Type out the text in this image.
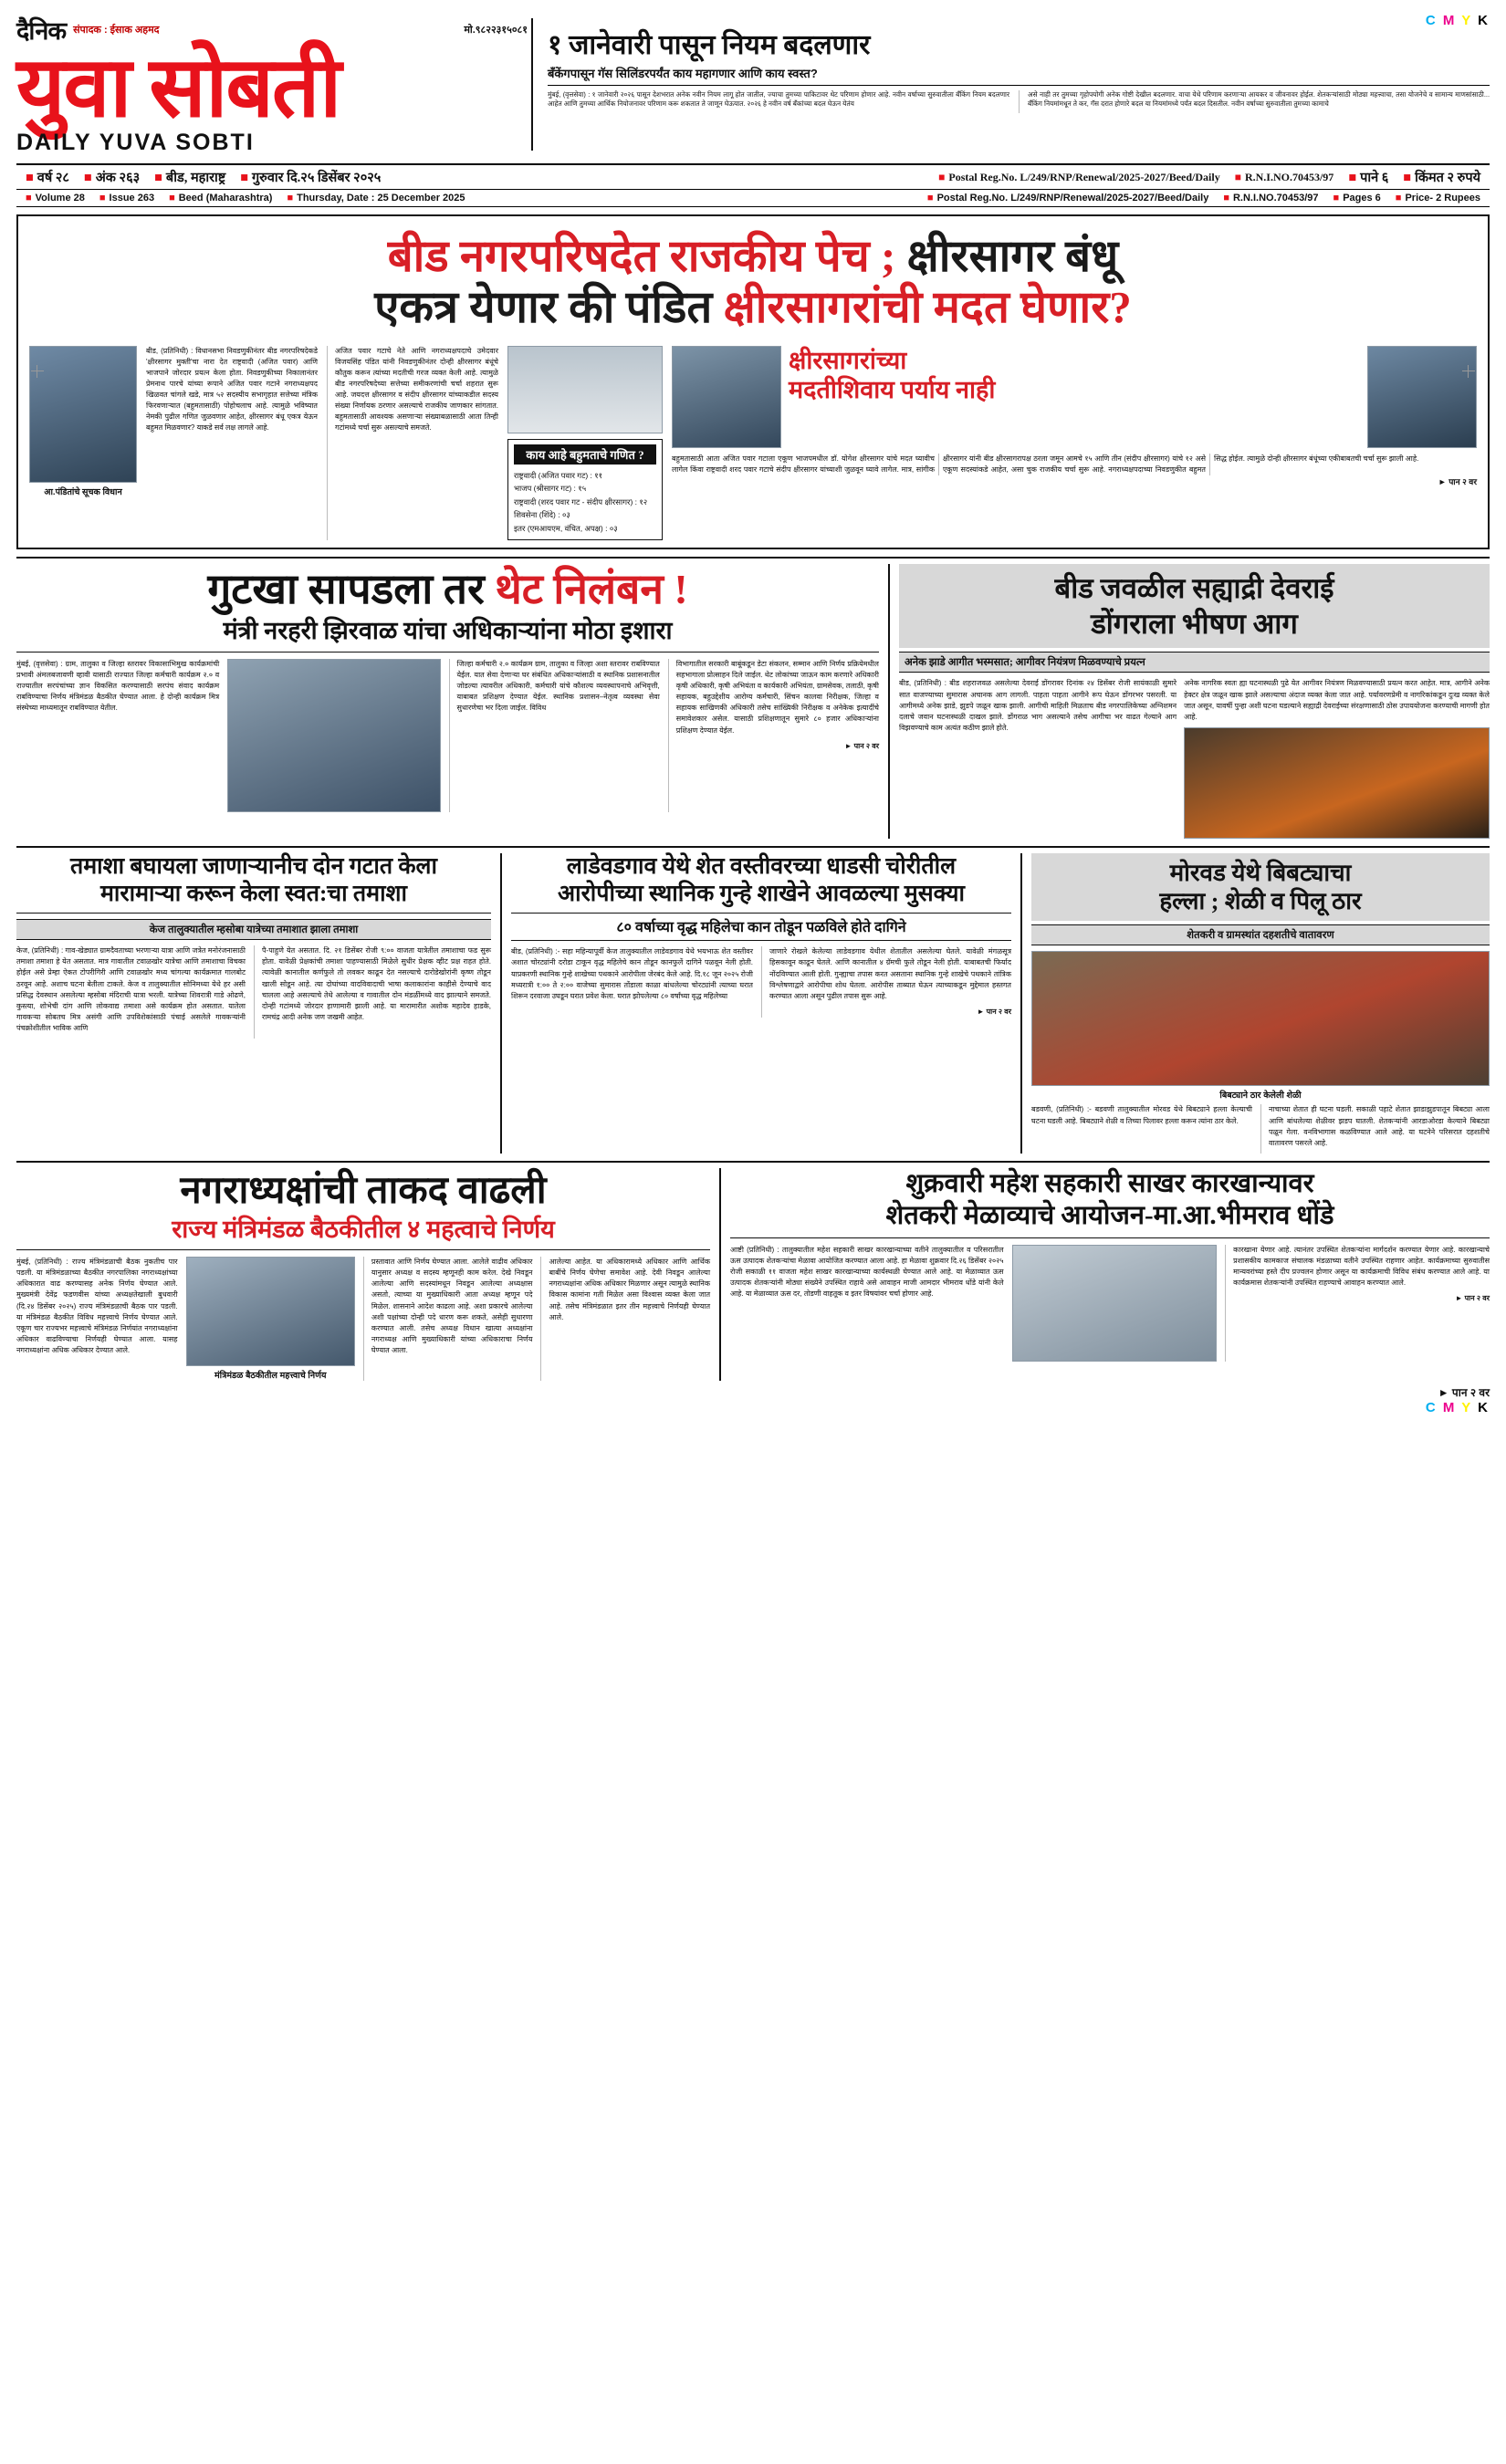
दैनिक संपादक : ईसाक अहमद	मो.९८२२३१५०८१
युवा सोबती
DAILY YUVA SOBTI
C M Y K
१ जानेवारी पासून नियम बदलणार
बँकेंगपासून गॅस सिलिंडरपर्यंत काय महागणार आणि काय स्वस्त?

मुंबई, (वृत्तसेवा) : १ जानेवारी २०२६ पासून देशभरात अनेक नवीन नियम लागू होत जातील, ज्याचा तुमच्या पाकिटावर थेट परिणाम होणार आहे. नवीन वर्षाच्या सुरुवातीला बँकिंग नियम बदलणार आहेत आणि तुमच्या आर्थिक नियोजनावर परिणाम करू शकतात ते जाणून घेऊयात. २०२६ हे नवीन वर्ष बँकांच्या बदल घेऊन येतंय

असे नाही तर तुमच्या गृहोपयोगी अनेक गोष्टी देखील बदलणार. वाचा येथे परिणाम करणाऱ्या आयकर व जीवनावर होईल. शेतकऱ्यांसाठी मोठ्या महत्त्वाचा, तसा योजनेचे व सामान्य माणसांसाठी... बँकिंग नियमांमधून ते कर, गॅस दरात होणारे बदल या नियमांमध्ये पर्यंत बदल दिसतील. नवीन वर्षाच्या सुरुवातीला तुमच्या कामाचे

■ वर्ष २८	■ अंक २६३	■ बीड, महाराष्ट्र	■ गुरुवार दि.२५ डिसेंबर २०२५	■ Postal Reg.No. L/249/RNP/Renewal/2025-2027/Beed/Daily	■ R.N.I.NO.70453/97	■ पाने ६	■ किंमत २ रुपये
■ Volume 28	■ Issue 263	■ Beed (Maharashtra)	■ Thursday, Date : 25 December 2025	■ Postal Reg.No. L/249/RNP/Renewal/2025-2027/Beed/Daily	■ R.N.I.NO.70453/97	■ Pages 6	■ Price- 2 Rupees
बीड नगरपरिषदेत राजकीय पेच ; क्षीरसागर बंधू
एकत्र येणार की पंडित क्षीरसागरांची मदत घेणार?
आ.पंडितांचे सूचक विधान

बीड, (प्रतिनिधी) : विधानसभा निवडणुकीनंतर बीड नगरपरिषदेकडे 'क्षीरसागर मुक्ती'चा नारा देत राष्ट्रवादी (अजित पवार) आणि भाजपाने जोरदार प्रयत्न केला होता. निवडणुकीच्या निकालानंतर प्रेमनाथ पारचे यांच्या रूपाने अजित पवार गटाने नगराध्यक्षपद खिळवत चांगले खडे, मात्र ५२ सदस्यीय सभागृहात सत्तेच्या मंत्रिक फिरवणाऱ्यात (बहुमतासाठी) पोहोचलाच आहे. त्यामुळे भविष्यात नेमकी पुढील गणित जुळवणार आहेत, क्षीरसागर बंधू एकत्र येऊन बहुमत मिळवणार? याकडे सर्व लक्ष लागले आहे.

अजित पवार गटाचे नेते आणि नगराध्यक्षपदाचे उमेदवार विजयसिंह पंडित यांनी निवडणुकीनंतर दोन्ही क्षीरसागर बंधूंचे कौतुक करून त्यांच्या मदतीची गरज व्यक्त केली आहे. त्यामुळे बीड नगरपरिषदेच्या सत्तेच्या समीकरणांची चर्चा शहरात सुरू आहे. जयदत्त क्षीरसागर व संदीप क्षीरसागर यांच्याकडील सदस्य संख्या निर्णायक ठरणार असल्याचे राजकीय जाणकार सांगतात. बहुमतासाठी आवश्यक असणाऱ्या संख्याबळासाठी आता तिन्ही गटांमध्ये चर्चा सुरू असल्याचे समजते.

काय आहे बहुमताचे गणित ?
राष्ट्रवादी (अजित पवार गट) : ११
भाजप (श्रीसागर गट) : १५
राष्ट्रवादी (शरद पवार गट - संदीप क्षीरसागर) : १२
शिवसेना (शिंदे) : ०३
इतर (एमआयएम, वंचित, अपक्ष) : ०३
क्षीरसागरांच्या
मदतीशिवाय पर्याय नाही

बहुमतासाठी आता अजित पवार गटाला एकूण भाजपमधील डॉ. योगेश क्षीरसागर यांचे मदत घ्यावीच लागेल किंवा राष्ट्रवादी शरद पवार गटाचे संदीप क्षीरसागर यांच्याशी जुळवून घ्यावे लागेल. मात्र, सांगीक क्षीरसागर यांनी बीड क्षीरसागरापक्ष ठरला जमून आमचे १५ आणि तीन (संदीप क्षीरसागर) यांचे १२ असे एकूण सदस्यांकडे आहेत, असा चुक राजकीय चर्चा सुरू आहे. नगराध्यक्षपदाच्या निवडणुकीत बहुमत सिद्ध होईल. त्यामुळे दोन्ही क्षीरसागर बंधूंच्या एकीबाबतची चर्चा सुरू झाली आहे.

► पान २ वर
गुटखा सापडला तर थेट निलंबन !
मंत्री नरहरी झिरवाळ यांचा अधिकाऱ्यांना मोठा इशारा

मुंबई, (वृत्तसेवा) : ग्राम, तालुका व जिल्हा स्तरावर विकासाभिमुख कार्यक्रमांची प्रभावी अंमलबजावणी व्हावी यासाठी राज्यात जिल्हा कर्मचारी कार्यक्रम २.० व राज्यातील सरपंचांच्या ज्ञान विकसित करण्यासाठी सरपंच संवाद कार्यक्रम राबविण्याचा निर्णय मंत्रिमंडळ बैठकीत घेण्यात आला. हे दोन्ही कार्यक्रम मित्र संस्थेच्या माध्यमातून राबविण्यात येतील.

जिल्हा कर्मचारी २.० कार्यक्रम ग्राम, तालुका व जिल्हा अशा स्तरावर राबविण्यात येईल. यात सेवा देणाऱ्या घर संबंधित अधिकाऱ्यांसाठी व स्थानिक प्रशासनातील जोडल्या त्यावरील अधिकारी, कर्मचारी यांचे कौशल्य व्यवस्थापनाचे अभिवृत्ती, याबाबत प्रशिक्षण देण्यात येईल. स्थानिक प्रशासन–नेतृत्व व्यवस्था सेवा सुधारणेचा भर दिला जाईल. विविध

विभागातील सरकारी बाबूंकडून डेटा संकलन, सम्मान आणि निर्णय प्रक्रियेमधील सहभागाला प्रोत्साहन दिले जाईल. थेट लोकांच्या जाऊन काम करणारे अधिकारी कृषी अधिकारी, कृषी अभियंता व कार्यकारी अभियंता, ग्रामसेवक, तलाठी, कृषी सहायक, बहुउद्देशीय आरोग्य कर्मचारी, सिंचन कालवा निरीक्षक, जिल्हा व सहायक साखिणकी अधिकारी तसेच सांख्यिकी निरीक्षक व अनेकेक इत्यादींचे समावेशकार असेल. यासाठी प्रशिक्षणातून सुमारे ८० हजार अधिकाऱ्यांना प्रशिक्षण देण्यात येईल.

► पान २ वर
बीड जवळील सह्याद्री देवराई
डोंगराला भीषण आग
अनेक झाडे आगीत भस्मसात; आगीवर नियंत्रण मिळवण्याचे प्रयत्न

बीड, (प्रतिनिधी) : बीड शहराजवळ असलेल्या देवराई डोंगरावर दिनांक २४ डिसेंबर रोजी सायंकाळी सुमारे सात वाजण्याच्या सुमारास अचानक आग लागली. पाहता पाहता आगीने रूप घेऊन डोंगरभर पसरली. या आगीमध्ये अनेक झाडे, झुडपे जळून खाक झाली. आगीची माहिती मिळताच बीड नगरपालिकेच्या अग्निशमन दलाचे जवान घटनास्थळी दाखल झाले. डोंगराळ भाग असल्याने तसेच आगीचा भर वाढत गेल्याने आग विझवण्याचे काम अत्यंत कठीण झाले होते.

अनेक नागरिक स्वतः ह्या घटनास्थळी पुढे येत आगीवर नियंत्रण मिळवण्यासाठी प्रयत्न करत आहेत. मात्र, आगीने अनेक हेक्टर क्षेत्र जळून खाक झाले असल्याचा अंदाज व्यक्त केला जात आहे. पर्यावरणप्रेमी व नागरिकांकडून दुःख व्यक्त केले जात असून, यावर्षी पुन्हा अशी घटना घडल्याने सह्याद्री देवराईच्या संरक्षणासाठी ठोस उपाययोजना करण्याची मागणी होत आहे.

तमाशा बघायला जाणाऱ्यानीच दोन गटात केला
मारामाऱ्या करून केला स्वत:चा तमाशा
केज तालुक्यातील म्हसोबा यात्रेच्या तमाशात झाला तमाशा

केज, (प्रतिनिधी) : गाव-खेड्यात ग्रामदैवताच्या भरणाऱ्या यात्रा आणि जत्रेत मनोरंजनासाठी तमाशा तमाशा हे येत असतात. मात्र गावातील टवाळखोर यात्रेचा आणि तमाशाचा विचका होईल असे प्रेम्हा ऐकत टोपरीगिरी आणि टवाळखोर मध्य चांगल्या कार्यक्रमात गालबोट ठरवून आहे. अशाच घटना बेतीला टाकले. केज व तालुक्यातील सोनिमध्या येथे हर असी प्रसिद्ध देवस्थान असलेल्या म्हसोबा मंदिराची यात्रा भरली. यात्रेच्या शिवरात्री गाडे ओढणे, कुस्त्या, शोभेची दांग आणि लोकवाद्य तमाशा असे कार्यक्रम होत असतात. यातेला गावकऱ्या सोबतच मित्र असंगी आणि उपविशेकांसाठी पंचाई असलेले गावकऱ्यांनी पंचक्रोशीतील भाविक आणि

पै-पाहुणे येत असतात. दि. २१ डिसेंबर रोजी ९:०० वाजता यात्रेतील तमाशाचा फड सुरू होता. यावेळी प्रेक्षकांची तमाशा पाहण्यासाठी मिळेले सुधीर प्रेक्षक व्हीट प्रक्ष राहत होते. त्यावेळी कानातील कर्णफुले तो लवकर काढून देत नसल्याचे दारोडेखोरांनी कृष्ण तोडून खाली सोडून आहे. त्या दोघांच्या वादविवादाची भाषा कलाकारांना काहीसे देण्याचे वाद चालला आहे असल्याचे तेथे आलेल्या व गावातील दोन मंडळींमध्ये वाद झाल्याने समजते. दोन्ही गटांमध्ये जोरदार हाणामारी झाली आहे. या मारामारीत अशोक महादेव हाडके, रामचंद्र आदी अनेक जण जखमी आहेत.

लाडेवडगाव येथे शेत वस्तीवरच्या धाडसी चोरीतील
आरोपीच्या स्थानिक गुन्हे शाखेने आवळल्या मुसक्या
८० वर्षाच्या वृद्ध महिलेचा कान तोडून पळविले होते दागिने

बीड, (प्रतिनिधी) :- सहा महिन्यापूर्वी केज तालुक्यातील लाडेवडगाव येथे भयभाऊ शेत वस्तीवर अशात चोरट्यांनी दरोडा टाकून वृद्ध महिलेचे कान तोडून कानफुलें दागिने पळवून नेली होती. याप्रकरणी स्थानिक गुन्हे शाखेच्या पथकाने आरोपीला जेरबंद केले आहे. दि.१८ जून २०२५ रोजी मध्यरात्री १:०० ते २:०० वाजेच्या सुमारास तोंडाला काळा बांधलेल्या चोरट्यांनी त्याच्या घरात शिरून दरवाजा उघडून घरात प्रवेश केला. घरात झोपलेल्या ८० वर्षांच्या वृद्ध महिलेच्या

जाणारे रोखले केलेल्या लाडेवडगाव येथील शेतातील असलेल्या घेतले. यावेळी मंगळसूत्र हिसकावून काढून घेतले. आणि कानातील ४ ग्रॅमची फुले तोडून नेली होती. याबाबतची फिर्याद नोंदविण्यात आली होती. गुन्ह्याचा तपास करत असताना स्थानिक गुन्हे शाखेचे पथकाने तांत्रिक विश्लेषणाद्वारे आरोपीचा शोध घेतला. आरोपीस ताब्यात घेऊन त्याच्याकडून मुद्देमाल हस्तगत करण्यात आला असून पुढील तपास सुरू आहे.

► पान २ वर
मोरवड येथे बिबट्याचा
हल्ला ; शेळी व पिलू ठार
शेतकरी व ग्रामस्थांत दहशतीचे वातावरण
बिबट्याने ठार केलेली शेळी

बडवणी, (प्रतिनिधी) :- बडवणी तालुक्यातील मोरवड येथे बिबट्याने हल्ला केल्याची घटना घडली आहे. बिबट्याने शेळी व तिच्या पिलावर हल्ला करून त्यांना ठार केले.

नाचाच्या शेतात ही घटना घडली. सकाळी पहाटे शेतात झाडाझुडपातून बिबट्या आला आणि बांधलेल्या शेळीवर झडप घातली. शेतकऱ्यांनी आरडाओरडा केल्याने बिबट्या पळून गेला. वनविभागास कळविण्यात आले आहे. या घटनेने परिसरात दहशतीचे वातावरण पसरले आहे.

नगराध्यक्षांची ताकद वाढली
राज्य मंत्रिमंडळ बैठकीतील ४ महत्वाचे निर्णय

मुंबई, (प्रतिनिधी) : राज्य मंत्रिमंडळाची बैठक नुकतीच पार पडली. या मंत्रिमंडळाच्या बैठकीत नगरपालिका नगराध्यक्षांच्या अधिकारात वाढ करण्यासह अनेक निर्णय घेण्यात आले. मुख्यमंत्री देवेंद्र फडणवीस यांच्या अध्यक्षतेखाली बुधवारी (दि.२४ डिसेंबर २०२५) राज्य मंत्रिमंडळाची बैठक पार पडली. या मंत्रिमंडळ बैठकीत विविध महत्त्वाचे निर्णय घेण्यात आले. एकूण चार राज्यभर महत्त्वाचे मंत्रिमंडळ निर्णयांत नगराध्यक्षांना अधिकार वाढविण्याचा निर्णयही घेण्यात आला. यासह नगराध्यक्षांना अधिक अधिकार देण्यात आले.

मंत्रिमंडळ बैठकीतील महत्त्वाचे निर्णय

प्रस्तावात आणि निर्णय घेण्यात आला. आलेले वाढीव अधिकार यानुसार अध्यक्ष व सदस्य म्हणूनही काम करेल. देखे निवडून आलेल्या आणि सदस्यांमधून निवडून आलेल्या अध्यक्षास असतो, त्याच्या या मुख्याधिकारी आता अध्यक्ष म्हणून पदे मिळेल. शासनाने आदेश काढला आहे. अशा प्रकारचे आलेल्या अशी पक्षांच्या दोन्ही पदे धारण करू शकते, असेही सुधारणा करण्यात आली. तसेच अध्यक्ष विधान खात्या अध्यक्षांना नगराध्यक्ष आणि मुख्याधिकारी यांच्या अधिकाराचा निर्णय घेण्यात आला.

आलेल्या आहेत. या अधिकारामध्ये अधिकार आणि आर्थिक बाबींचे निर्णय घेणेचा समावेश आहे. देवी निवडून आलेल्या नगराध्यक्षांना अधिक अधिकार मिळणार असून त्यामुळे स्थानिक विकास कामांना गती मिळेल असा विश्वास व्यक्त केला जात आहे. तसेच मंत्रिमंडळात इतर तीन महत्त्वाचे निर्णयही घेण्यात आले.

शुक्रवारी महेश सहकारी साखर कारखान्यावर
शेतकरी मेळाव्याचे आयोजन-मा.आ.भीमराव धोंडे

आष्टी (प्रतिनिधी) : तालुक्यातील महेश सहकारी साखर कारखान्याच्या वतीने तालुक्यातील व परिसरातील ऊस उत्पादक शेतकऱ्यांचा मेळावा आयोजित करण्यात आला आहे. हा मेळावा शुक्रवार दि.२६ डिसेंबर २०२५ रोजी सकाळी ११ वाजता महेश साखर कारखान्याच्या कार्यस्थळी घेण्यात आले आहे. या मेळाव्यात ऊस उत्पादक शेतकऱ्यांनी मोठ्या संख्येने उपस्थित राहावे असे आवाहन माजी आमदार भीमराव धोंडे यांनी केले आहे. या मेळाव्यात ऊस दर, तोडणी वाहतूक व इतर विषयांवर चर्चा होणार आहे.

कारखाना येणार आहे. त्यानंतर उपस्थित शेतकऱ्यांना मार्गदर्शन करण्यात येणार आहे. कारखान्याचे प्रशासकीय कामकाज संचालक मंडळाच्या वतीने उपस्थित राहणार आहेत. कार्यक्रमाच्या सुरुवातीस मान्यवरांच्या हस्ते दीप प्रज्वलन होणार असून या कार्यक्रमाची विविध संबंध करण्यात आले आहे. या कार्यक्रमास शेतकऱ्यांनी उपस्थित राहण्याचे आवाहन करण्यात आले.

► पान २ वर
► पान २ वर
C M Y K
